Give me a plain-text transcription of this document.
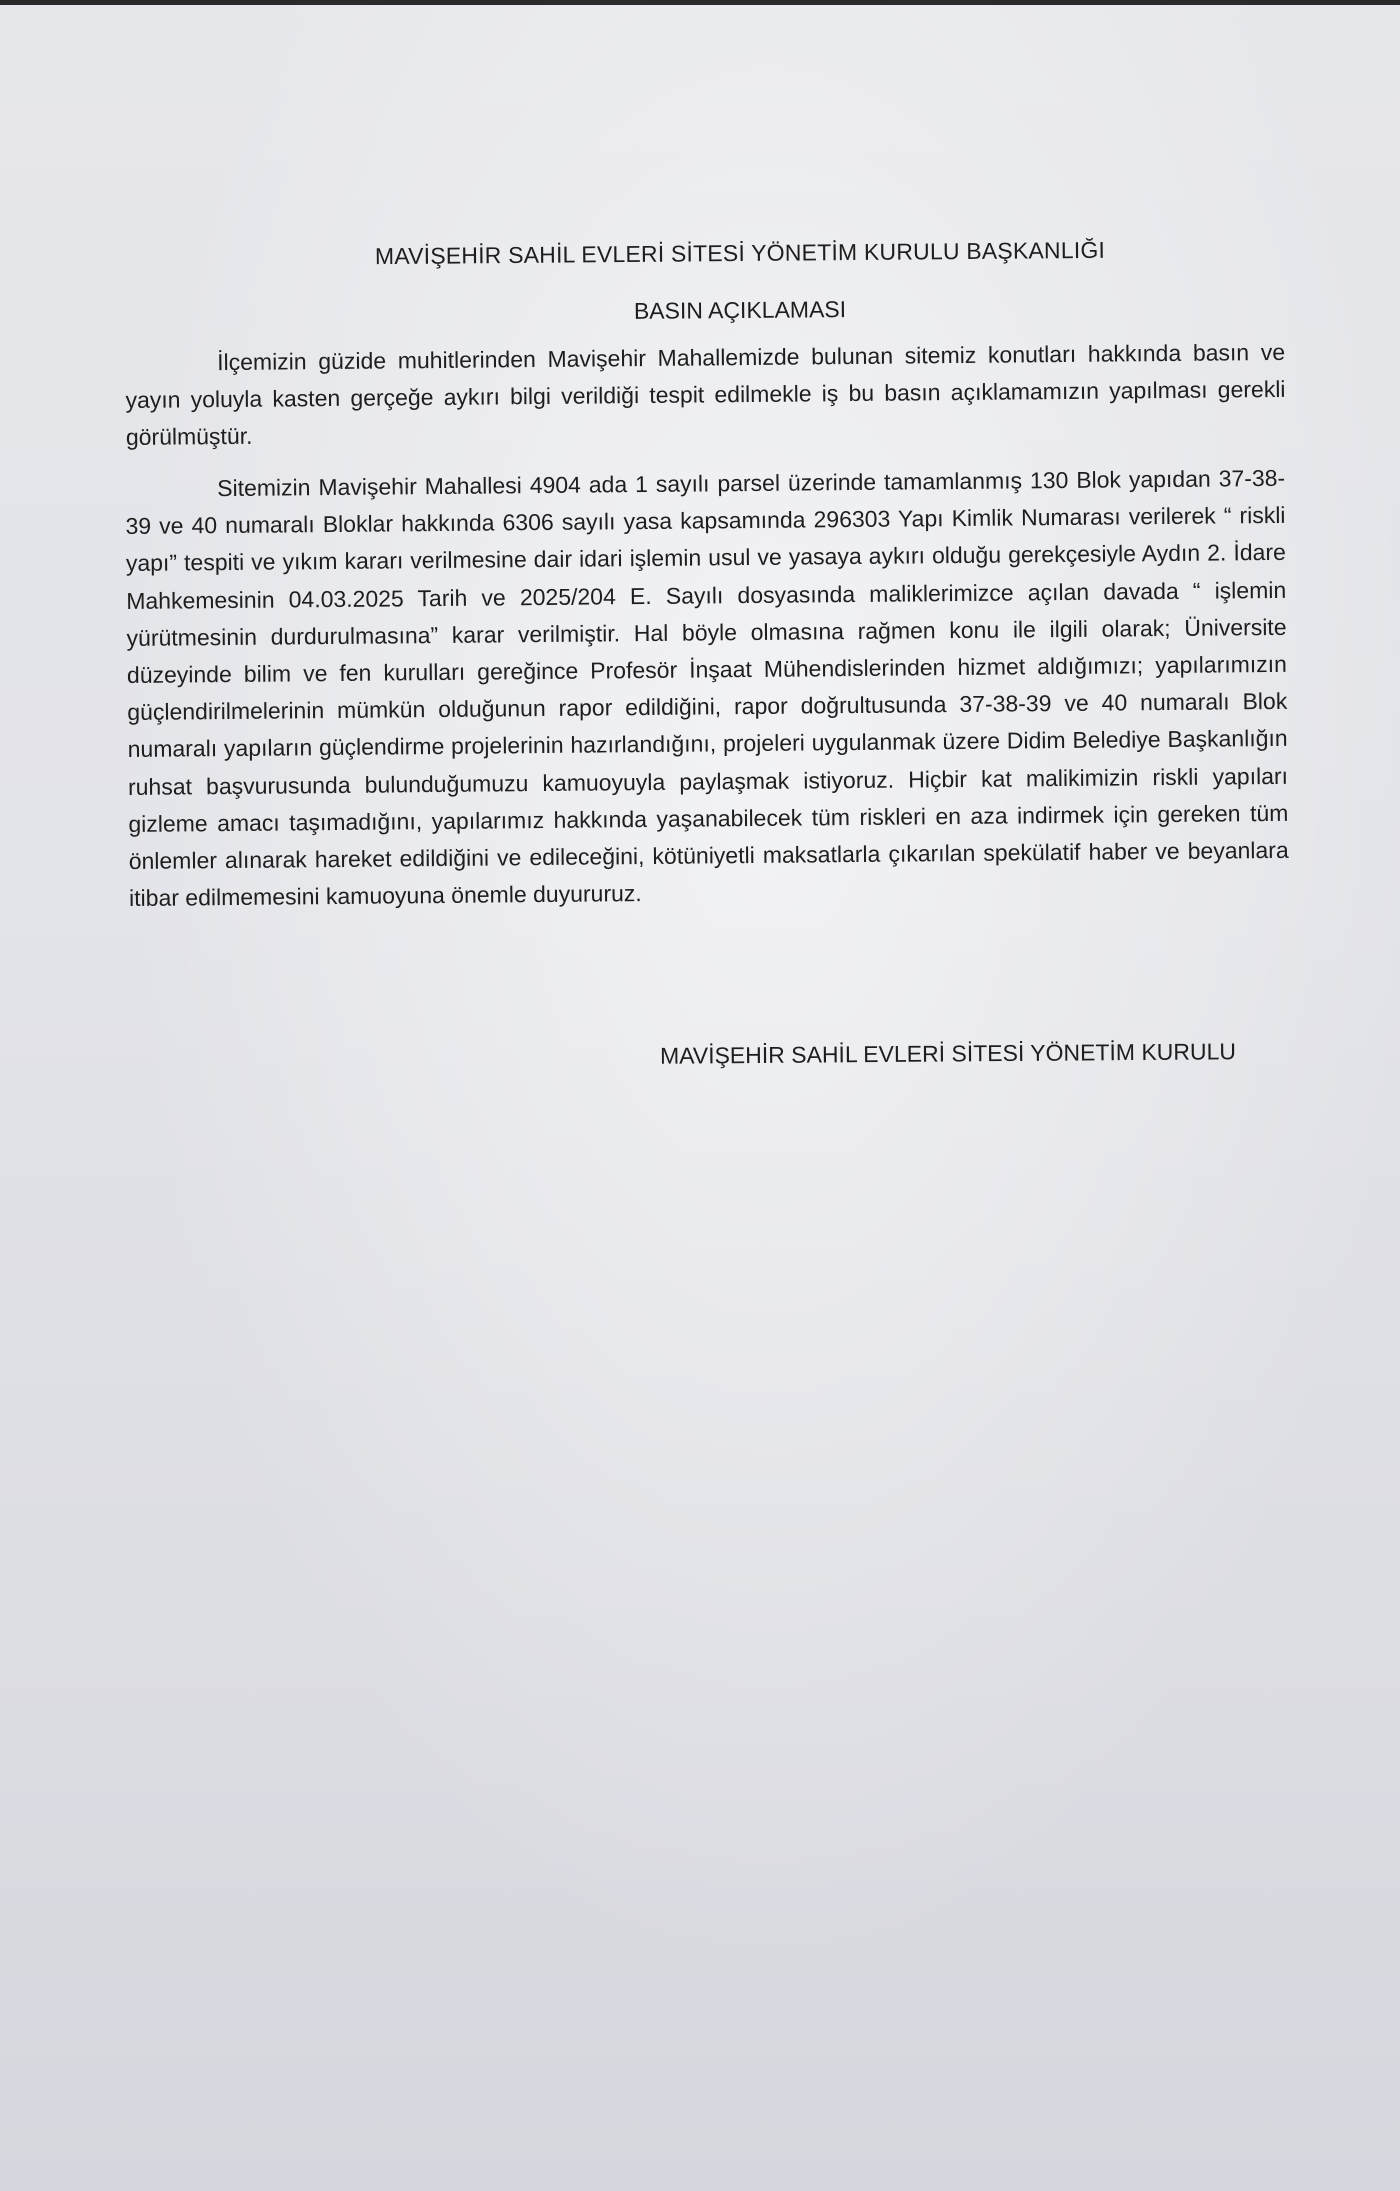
MAVİŞEHİR SAHİL EVLERİ SİTESİ YÖNETİM KURULU BAŞKANLIĞI
BASIN AÇIKLAMASI
İlçemizin güzide muhitlerinden Mavişehir Mahallemizde bulunan sitemiz konutları hakkında basın ve yayın yoluyla kasten gerçeğe aykırı bilgi verildiği tespit edilmekle iş bu basın açıklamamızın yapılması gerekli görülmüştür.
Sitemizin Mavişehir Mahallesi 4904 ada 1 sayılı parsel üzerinde tamamlanmış 130 Blok yapıdan 37-38-39 ve 40 numaralı Bloklar hakkında 6306 sayılı yasa kapsamında 296303 Yapı Kimlik Numarası verilerek “ riskli yapı” tespiti ve yıkım kararı verilmesine dair idari işlemin usul ve yasaya aykırı olduğu gerekçesiyle Aydın 2. İdare Mahkemesinin 04.03.2025 Tarih ve 2025/204 E. Sayılı dosyasında maliklerimizce açılan davada “ işlemin yürütmesinin durdurulmasına” karar verilmiştir. Hal böyle olmasına rağmen konu ile ilgili olarak; Üniversite düzeyinde bilim ve fen kurulları gereğince Profesör İnşaat Mühendislerinden hizmet aldığımızı; yapılarımızın güçlendirilmelerinin mümkün olduğunun rapor edildiğini, rapor doğrultusunda 37-38-39 ve 40 numaralı Blok numaralı yapıların güçlendirme projelerinin hazırlandığını, projeleri uygulanmak üzere Didim Belediye Başkanlığın ruhsat başvurusunda bulunduğumuzu kamuoyuyla paylaşmak istiyoruz. Hiçbir kat malikimizin riskli yapıları gizleme amacı taşımadığını, yapılarımız hakkında yaşanabilecek tüm riskleri en aza indirmek için gereken tüm önlemler alınarak hareket edildiğini ve edileceğini, kötüniyetli maksatlarla çıkarılan spekülatif haber ve beyanlara itibar edilmemesini kamuoyuna önemle duyururuz.
MAVİŞEHİR SAHİL EVLERİ SİTESİ YÖNETİM KURULU
